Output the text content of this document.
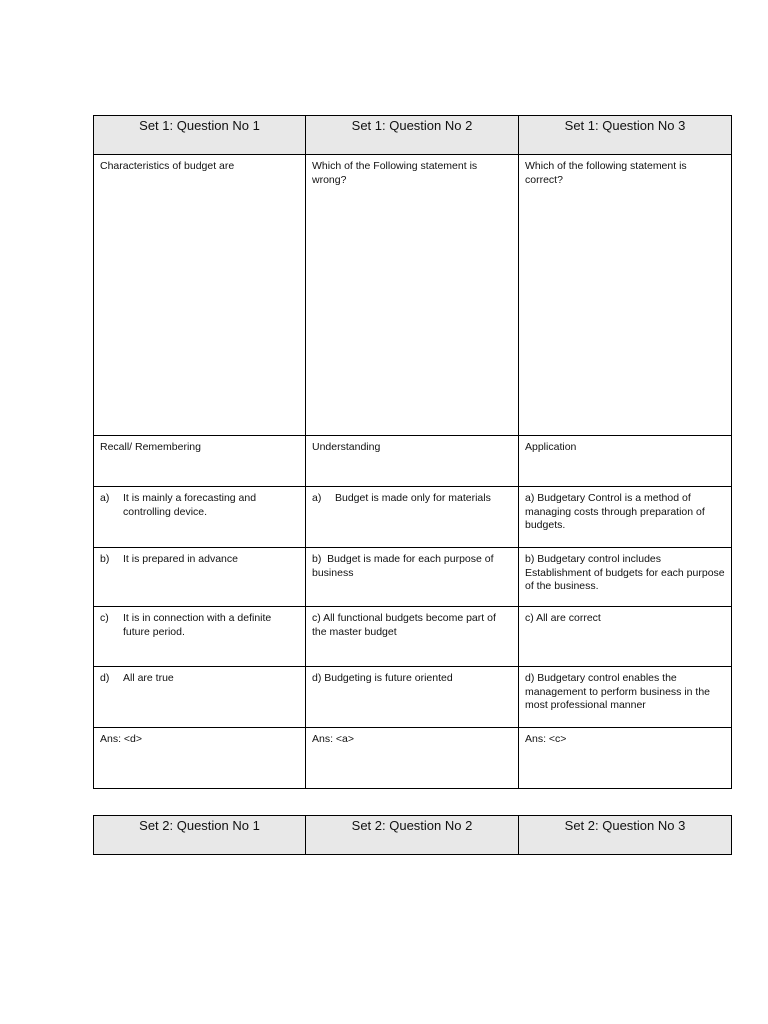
Set 1: Question No 1	Set 1: Question No 2	Set 1: Question No 3
Characteristics of budget are	Which of the Following statement is wrong?	Which of the following statement is correct?
Recall/ Remembering	Understanding	Application

a) It is mainly a forecasting and controlling device.	a) Budget is made only for materials	a) Budgetary Control is a method of managing costs through preparation of budgets.

b) It is prepared in advance	b)  Budget is made for each purpose of business	b) Budgetary control includes Establishment of budgets for each purpose of the business.

c) It is in connection with a definite future period.	c) All functional budgets become part of the master budget	c) All are correct

d) All are true	d) Budgeting is future oriented	d) Budgetary control enables the management to perform business in the most professional manner
Ans: <d>	Ans: <a>	Ans: <c>
Set 2: Question No 1	Set 2: Question No 2	Set 2: Question No 3
